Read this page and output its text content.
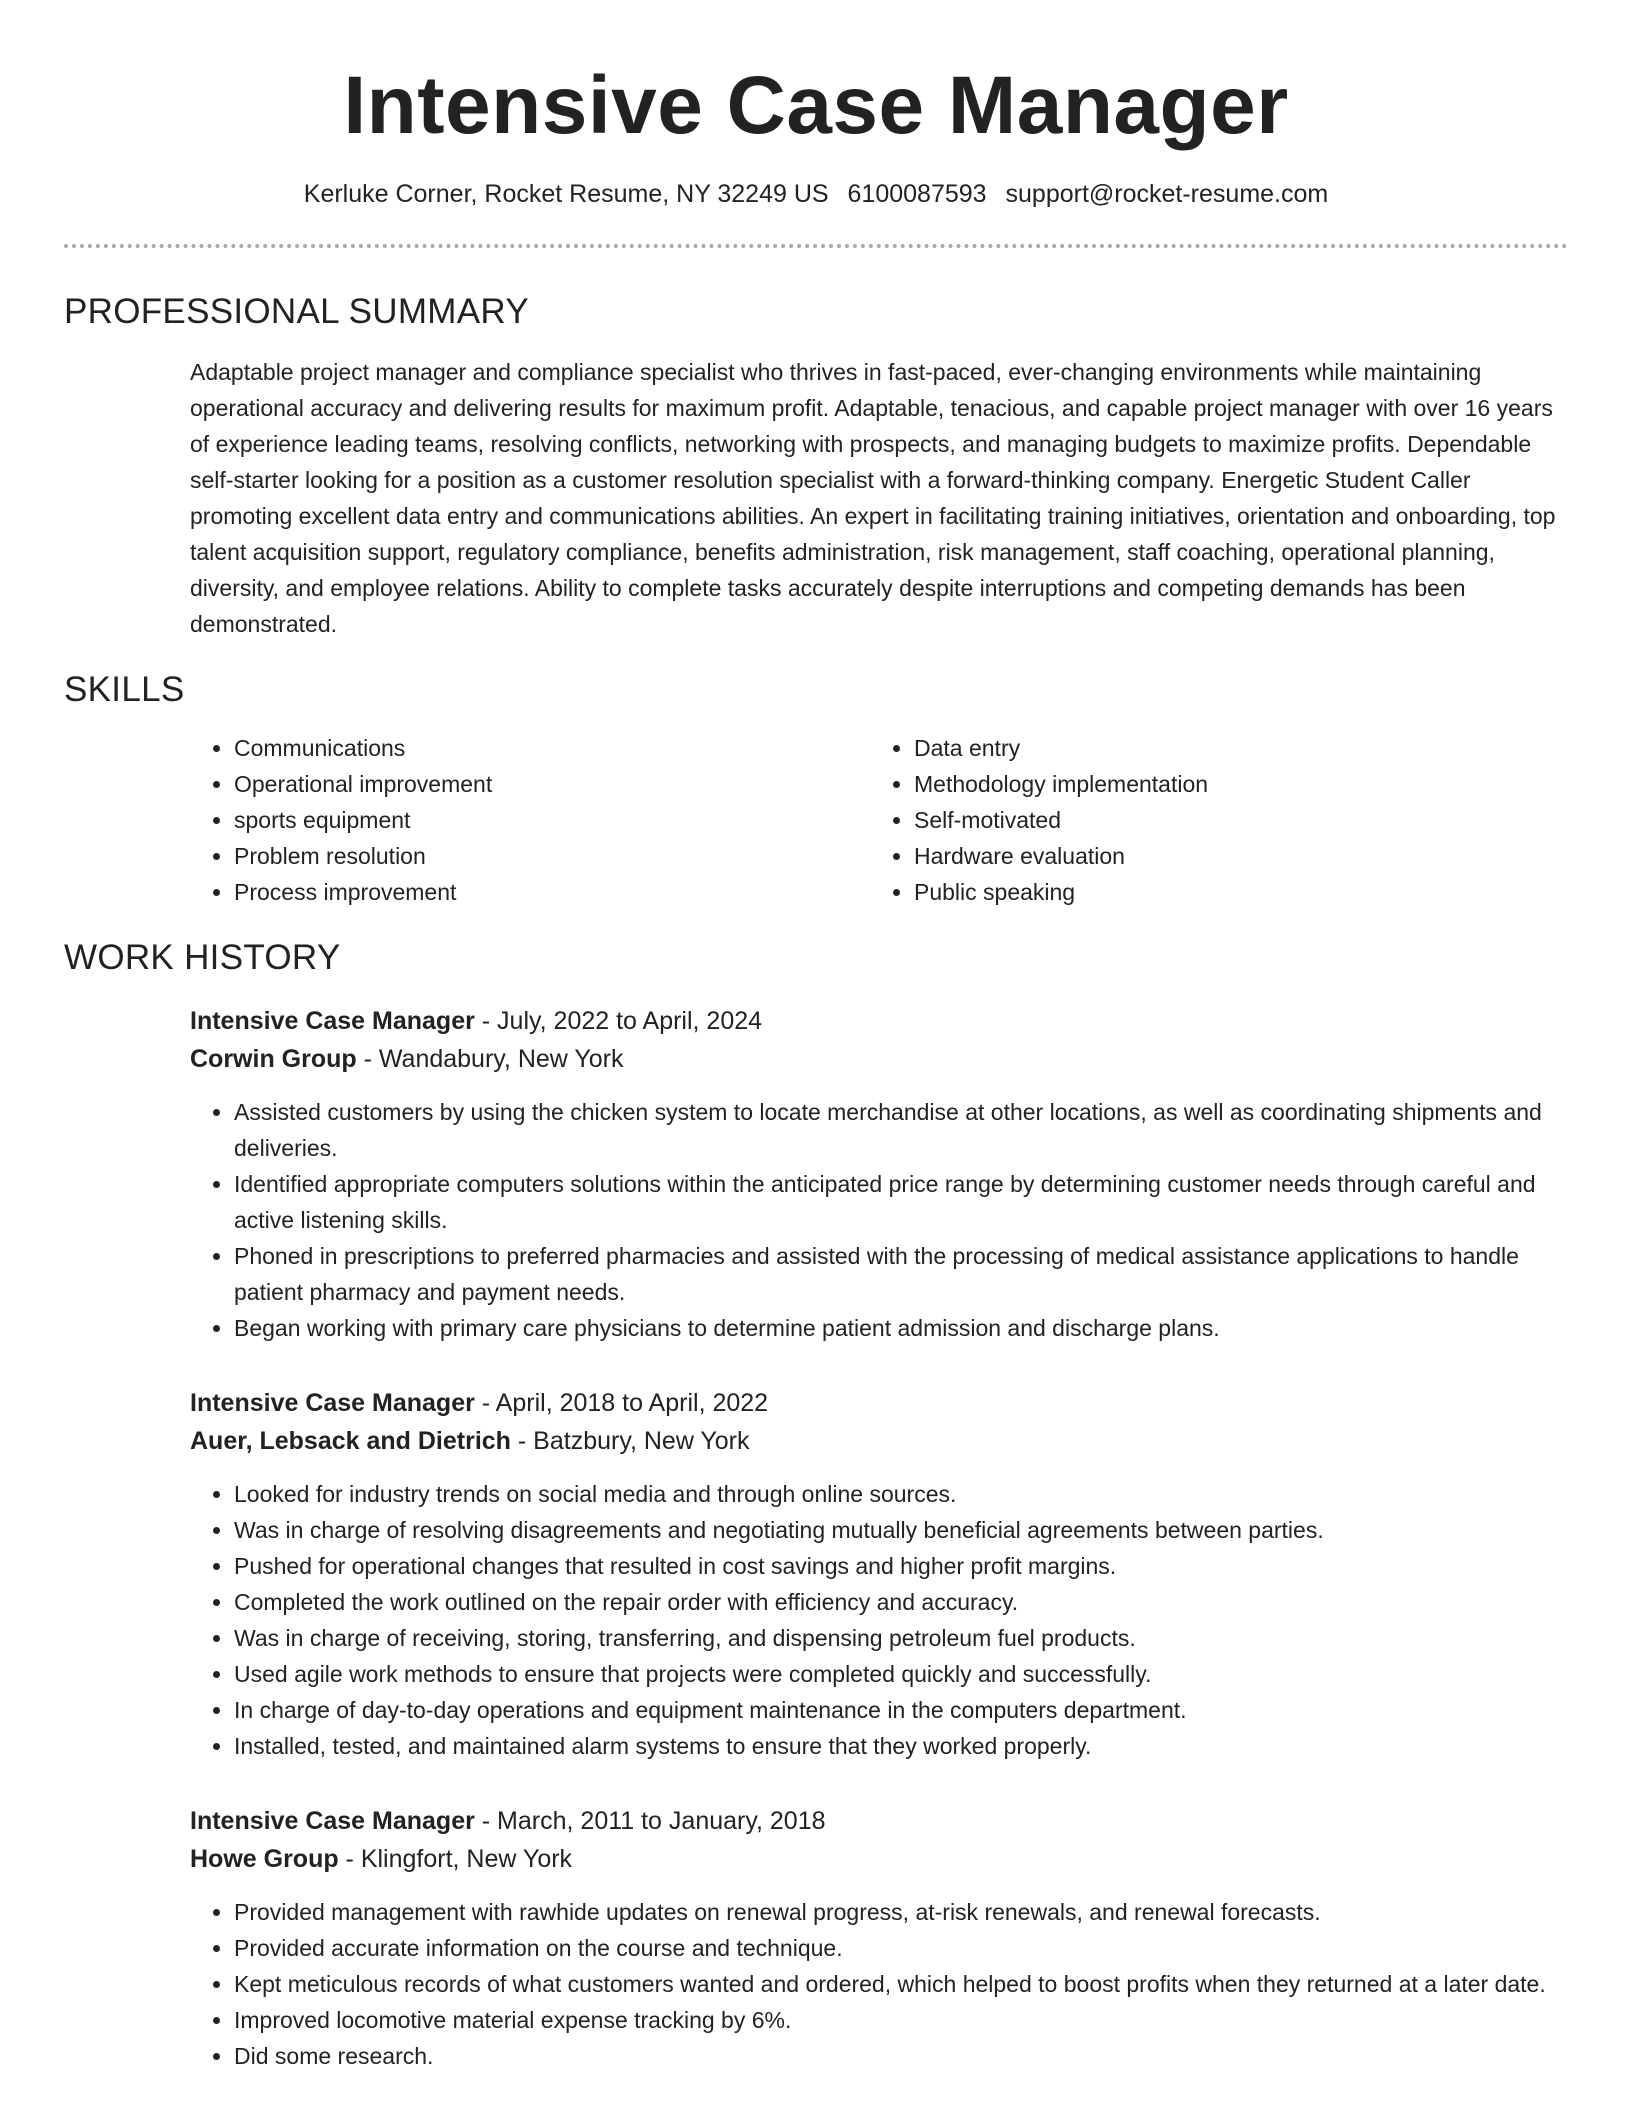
Intensive Case Manager
Kerluke Corner, Rocket Resume, NY 32249 US 6100087593 support@rocket-resume.com
PROFESSIONAL SUMMARY
Adaptable project manager and compliance specialist who thrives in fast-paced, ever-changing environments while maintaining operational accuracy and delivering results for maximum profit. Adaptable, tenacious, and capable project manager with over 16 years of experience leading teams, resolving conflicts, networking with prospects, and managing budgets to maximize profits. Dependable self-starter looking for a position as a customer resolution specialist with a forward-thinking company. Energetic Student Caller promoting excellent data entry and communications abilities. An expert in facilitating training initiatives, orientation and onboarding, top talent acquisition support, regulatory compliance, benefits administration, risk management, staff coaching, operational planning, diversity, and employee relations. Ability to complete tasks accurately despite interruptions and competing demands has been demonstrated.
SKILLS
• Communications
• Operational improvement
• sports equipment
• Problem resolution
• Process improvement
• Data entry
• Methodology implementation
• Self-motivated
• Hardware evaluation
• Public speaking
WORK HISTORY
Intensive Case Manager - July, 2022 to April, 2024
Corwin Group - Wandabury, New York
• Assisted customers by using the chicken system to locate merchandise at other locations, as well as coordinating shipments and deliveries.
• Identified appropriate computers solutions within the anticipated price range by determining customer needs through careful and active listening skills.
• Phoned in prescriptions to preferred pharmacies and assisted with the processing of medical assistance applications to handle patient pharmacy and payment needs.
• Began working with primary care physicians to determine patient admission and discharge plans.
Intensive Case Manager - April, 2018 to April, 2022
Auer, Lebsack and Dietrich - Batzbury, New York
• Looked for industry trends on social media and through online sources.
• Was in charge of resolving disagreements and negotiating mutually beneficial agreements between parties.
• Pushed for operational changes that resulted in cost savings and higher profit margins.
• Completed the work outlined on the repair order with efficiency and accuracy.
• Was in charge of receiving, storing, transferring, and dispensing petroleum fuel products.
• Used agile work methods to ensure that projects were completed quickly and successfully.
• In charge of day-to-day operations and equipment maintenance in the computers department.
• Installed, tested, and maintained alarm systems to ensure that they worked properly.
Intensive Case Manager - March, 2011 to January, 2018
Howe Group - Klingfort, New York
• Provided management with rawhide updates on renewal progress, at-risk renewals, and renewal forecasts.
• Provided accurate information on the course and technique.
• Kept meticulous records of what customers wanted and ordered, which helped to boost profits when they returned at a later date.
• Improved locomotive material expense tracking by 6%.
• Did some research.
